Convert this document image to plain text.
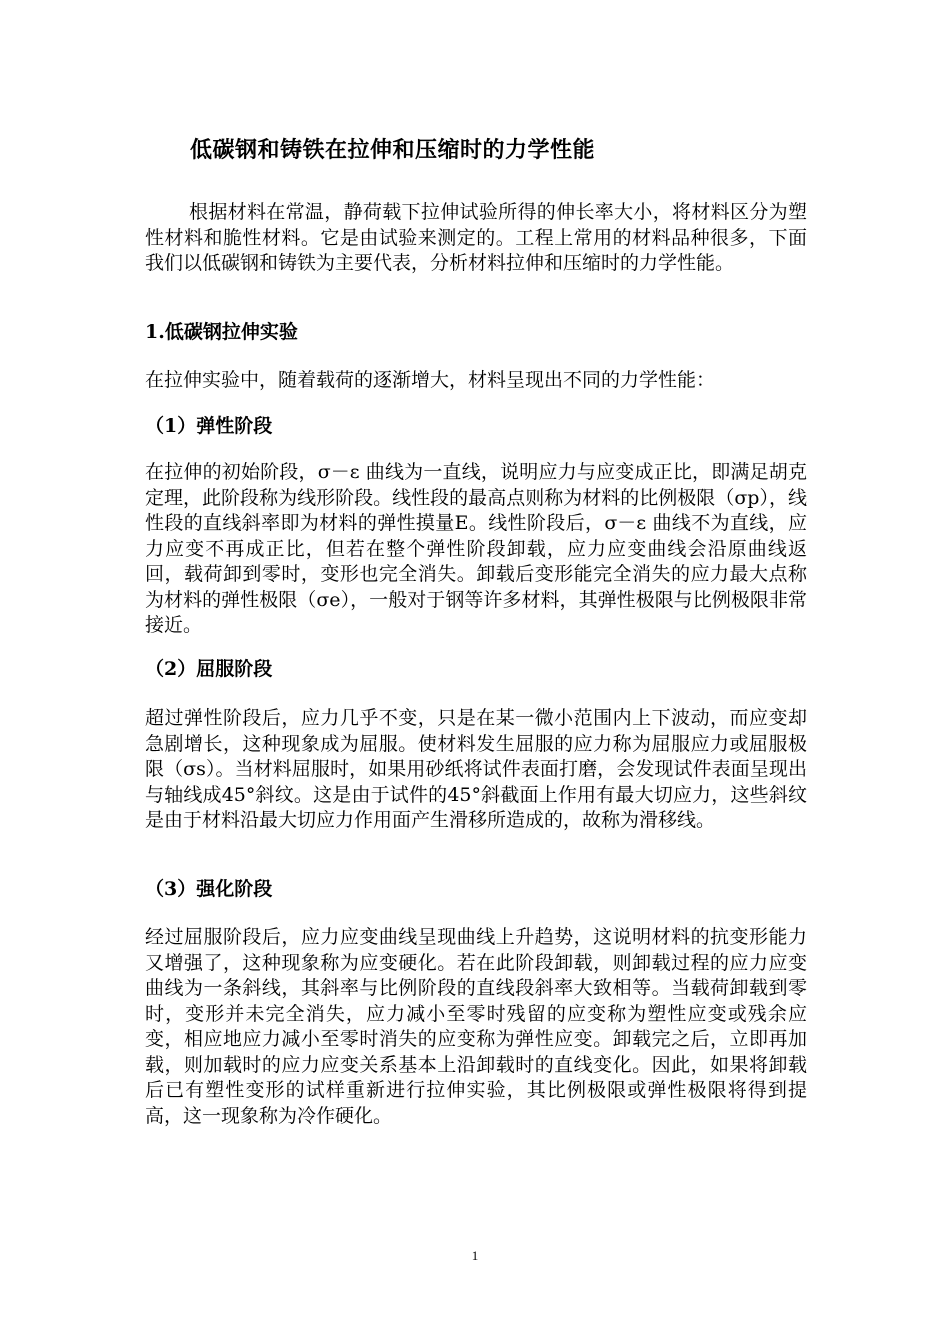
低碳钢和铸铁在拉伸和压缩时的力学性能

根据材料在常温，静荷载下拉伸试验所得的伸长率大小，将材料区分为塑性材料和脆性材料。它是由试验来测定的。工程上常用的材料品种很多，下面我们以低碳钢和铸铁为主要代表，分析材料拉伸和压缩时的力学性能。

1.低碳钢拉伸实验

在拉伸实验中，随着载荷的逐渐增大，材料呈现出不同的力学性能：

（1）弹性阶段

在拉伸的初始阶段，σ－ε 曲线为一直线，说明应力与应变成正比，即满足胡克定理，此阶段称为线形阶段。线性段的最高点则称为材料的比例极限（σp），线性段的直线斜率即为材料的弹性摸量E。线性阶段后，σ－ε 曲线不为直线，应力应变不再成正比，但若在整个弹性阶段卸载，应力应变曲线会沿原曲线返回，载荷卸到零时，变形也完全消失。卸载后变形能完全消失的应力最大点称为材料的弹性极限（σe），一般对于钢等许多材料，其弹性极限与比例极限非常接近。

（2）屈服阶段

超过弹性阶段后，应力几乎不变，只是在某一微小范围内上下波动，而应变却急剧增长，这种现象成为屈服。使材料发生屈服的应力称为屈服应力或屈服极限（σs）。当材料屈服时，如果用砂纸将试件表面打磨，会发现试件表面呈现出与轴线成45°斜纹。这是由于试件的45°斜截面上作用有最大切应力，这些斜纹是由于材料沿最大切应力作用面产生滑移所造成的，故称为滑移线。

（3）强化阶段

经过屈服阶段后，应力应变曲线呈现曲线上升趋势，这说明材料的抗变形能力又增强了，这种现象称为应变硬化。若在此阶段卸载，则卸载过程的应力应变曲线为一条斜线，其斜率与比例阶段的直线段斜率大致相等。当载荷卸载到零时，变形并未完全消失，应力减小至零时残留的应变称为塑性应变或残余应变，相应地应力减小至零时消失的应变称为弹性应变。卸载完之后，立即再加载，则加载时的应力应变关系基本上沿卸载时的直线变化。因此，如果将卸载后已有塑性变形的试样重新进行拉伸实验，其比例极限或弹性极限将得到提高，这一现象称为冷作硬化。

1
